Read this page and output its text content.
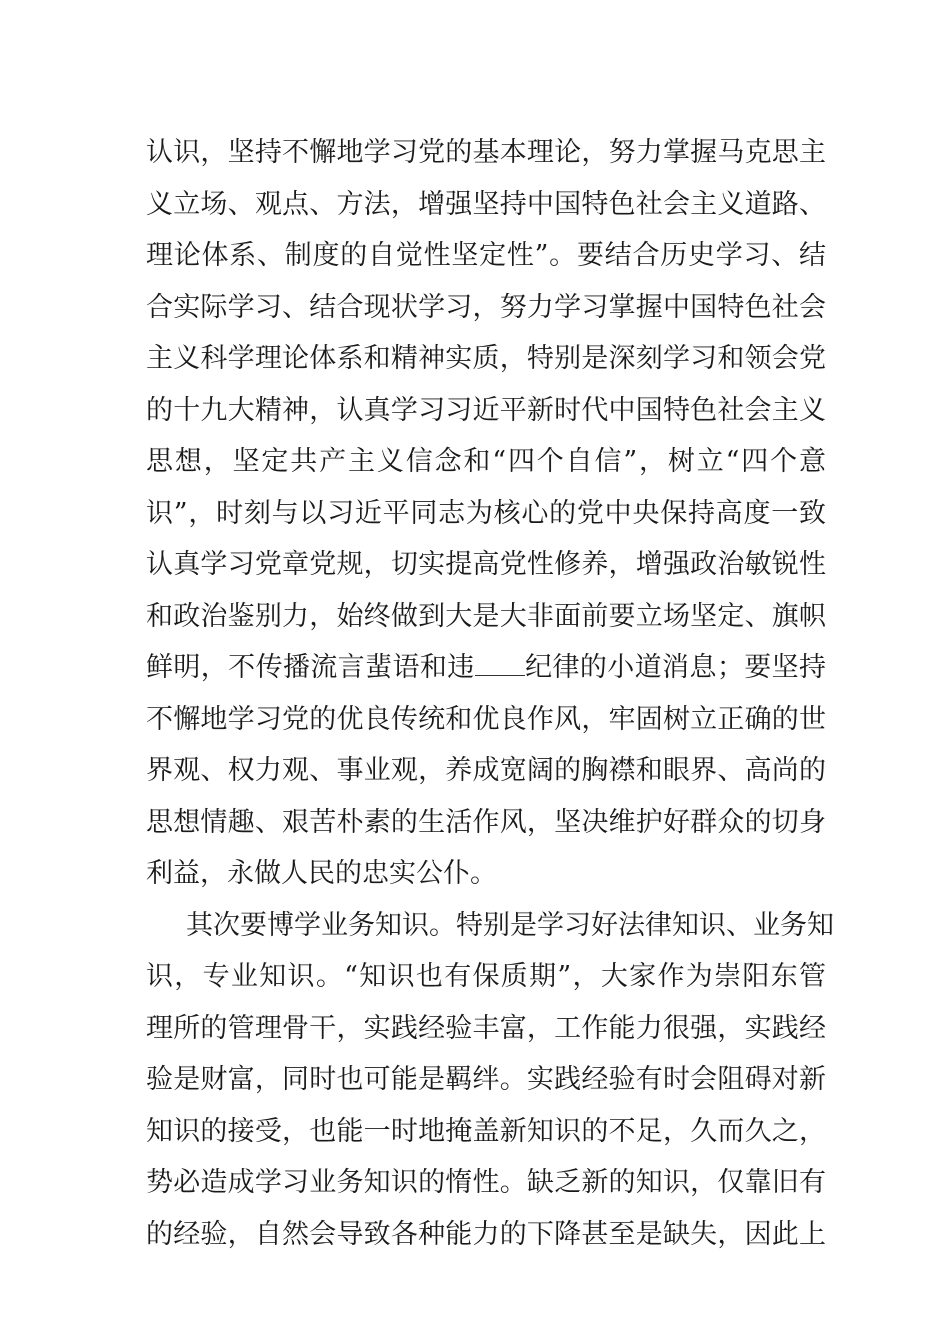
认识，坚持不懈地学习党的基本理论，努力掌握马克思主

义立场、观点、方法，增强坚持中国特色社会主义道路、

理论体系、制度的自觉性坚定性”。要结合历史学习、结

合实际学习、结合现状学习，努力学习掌握中国特色社会

主义科学理论体系和精神实质，特别是深刻学习和领会党

的十九大精神，认真学习习近平新时代中国特色社会主义

思想，坚定共产主义信念和“四个自信”，树立“四个意

识”，时刻与以习近平同志为核心的党中央保持高度一致

认真学习党章党规，切实提高党性修养，增强政治敏锐性

和政治鉴别力，始终做到大是大非面前要立场坚定、旗帜

鲜明，不传播流言蜚语和违 纪律的小道消息；要坚持

不懈地学习党的优良传统和优良作风，牢固树立正确的世

界观、权力观、事业观，养成宽阔的胸襟和眼界、高尚的

思想情趣、艰苦朴素的生活作风，坚决维护好群众的切身

利益，永做人民的忠实公仆。

其次要博学业务知识。特别是学习好法律知识、业务知

识，专业知识。“知识也有保质期”，大家作为崇阳东管

理所的管理骨干，实践经验丰富，工作能力很强，实践经

验是财富，同时也可能是羁绊。实践经验有时会阻碍对新

知识的接受，也能一时地掩盖新知识的不足，久而久之，

势必造成学习业务知识的惰性。缺乏新的知识，仅靠旧有

的经验，自然会导致各种能力的下降甚至是缺失，因此上
